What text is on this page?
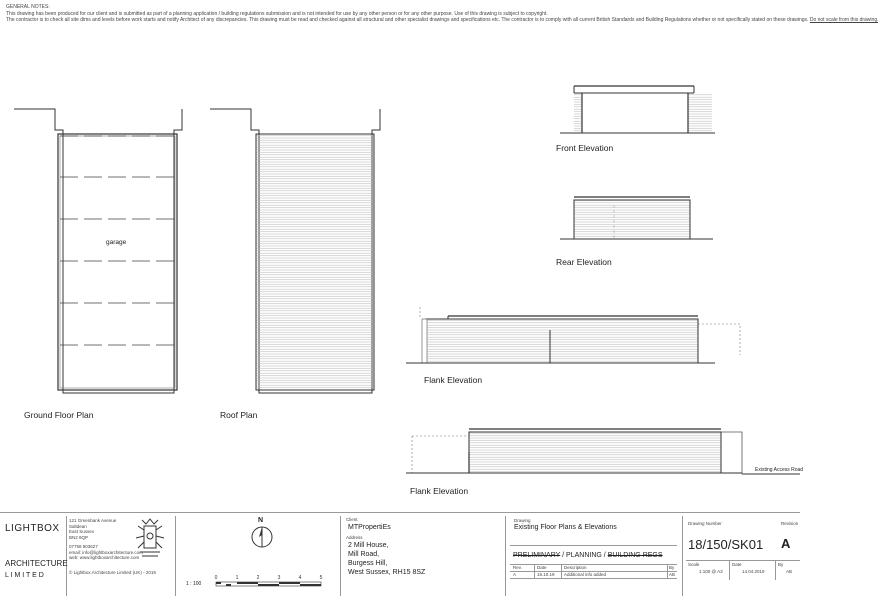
GENERAL NOTES:
This drawing has been produced for our client and is submitted as part of a planning application / building regulations submission and is not intended for use by any other person or for any other purpose. Use of this drawing is subject to copyright.
The contractor is to check all site dims and levels before work starts and notify Architect of any discrepancies. This drawing must be read and checked against all structural and other specialist drawings and specifications etc. The contractor is to comply with all current British Standards and Building Regulations whether or not specifically stated on these drawings. Do not scale from this drawing.
garage
Ground Floor Plan	Roof Plan
Front Elevation
Rear Elevation
Flank Elevation
Flank Elevation
Existing Access Road
LIGHTBOX
ARCHITECTURE
L I M I T E D
121 Greenbank Avenue
Saltdean
East Sussex
BN2 8QP
07758 903627
email: info@lightboxarchitecture.com
web: www.lightboxarchitecture.com
© Lightbox Architecture Limited (UK) - 2019
N
1 : 100
0	1	2	3	4	5
Client
MTPropertiEs
Address
2 Mill House,
Mill Road,
Burgess Hill,
West Sussex, RH15 8SZ
Drawing
Existing Floor Plans & Elevations
PRELIMINARY / PLANNING / BUILDING REGS
Rev.	Date	Description	By
A	15.10.19 Additional info added	AB
Drawing Number	Revision
18/150/SK01 A
Scale
1:100 @ A3
Date
14.04.2019
By
AB
